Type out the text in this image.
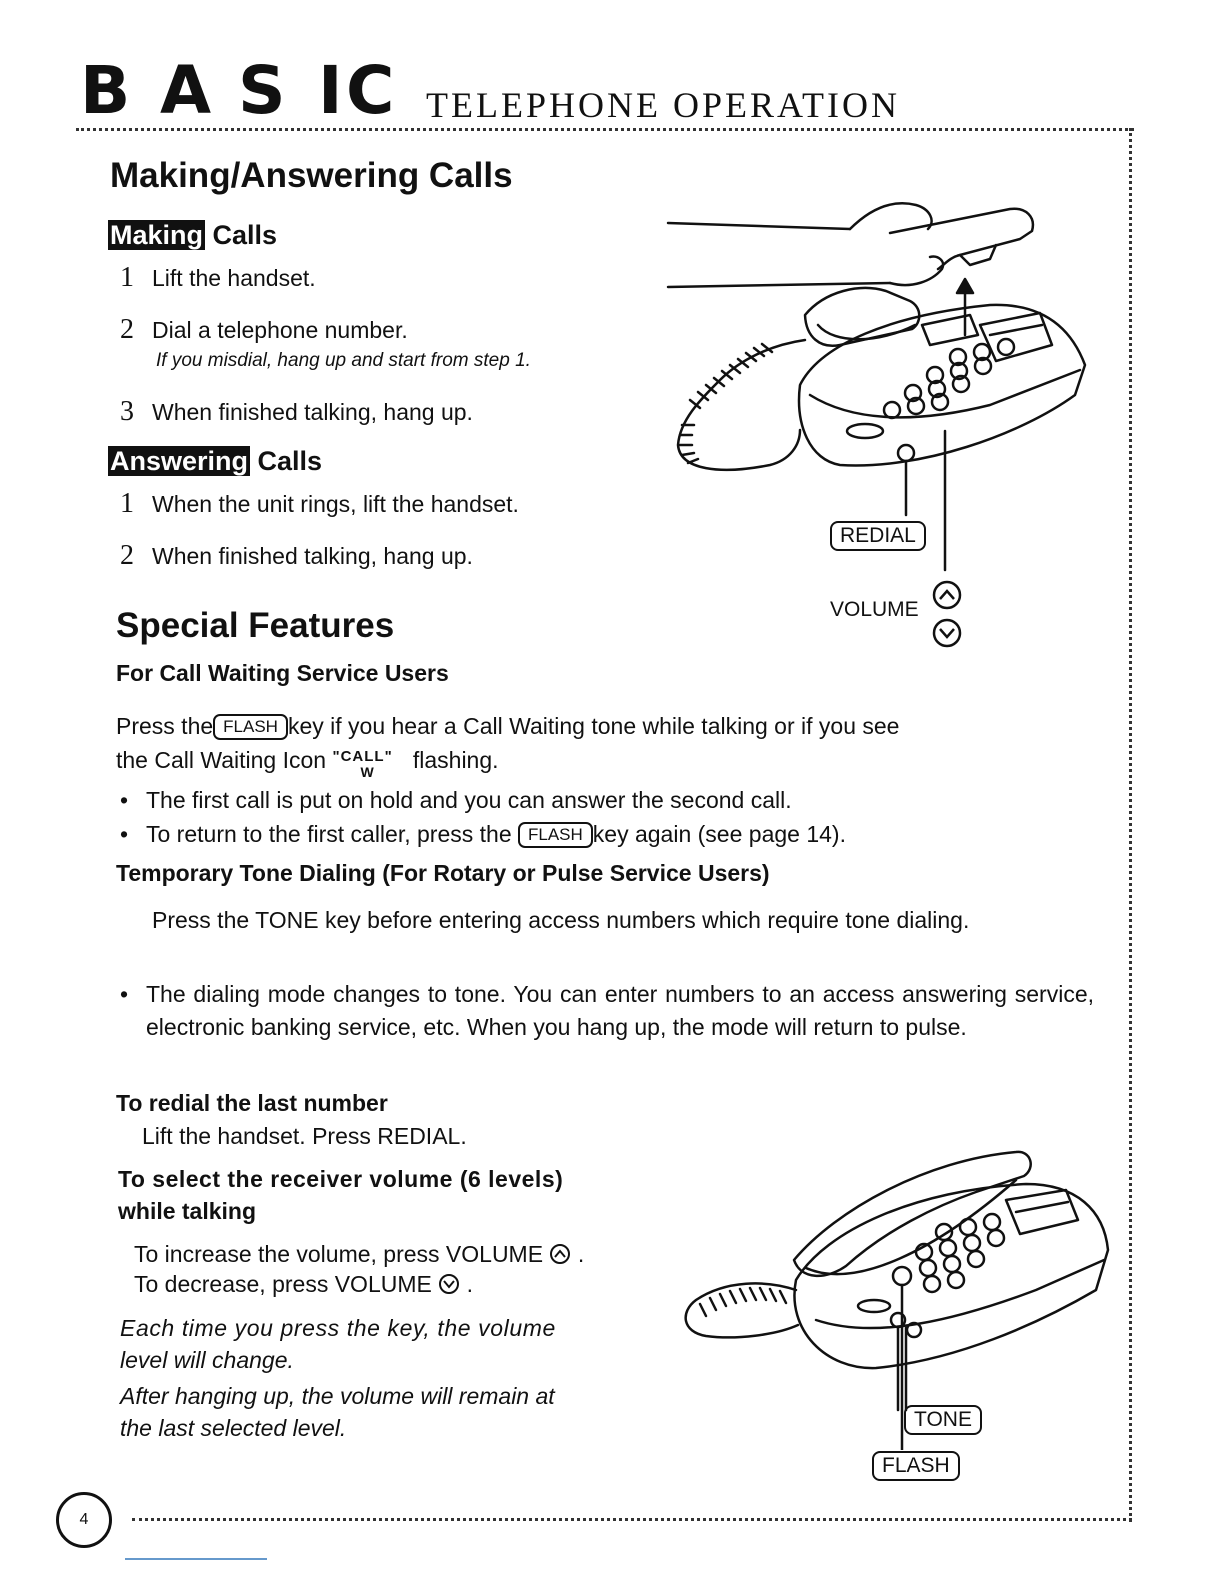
B A S I C TELEPHONE OPERATION
Making/Answering Calls
Making Calls
1 Lift the handset.
2 Dial a telephone number.
If you misdial, hang up and start from step 1.
3 When finished talking, hang up.
Answering Calls
1 When the unit rings, lift the handset.
2 When finished talking, hang up.
REDIAL
VOLUME
Special Features
For Call Waiting Service Users
Press the FLASH key if you hear a Call Waiting tone while talking or if you see
the Call Waiting Icon "CALL"
W flashing.
• The first call is put on hold and you can answer the second call.
• To return to the first caller, press the FLASH key again (see page 14).
Temporary Tone Dialing (For Rotary or Pulse Service Users)
Press the TONE key before entering access numbers which require tone dialing.
• The dialing mode changes to tone. You can enter numbers to an access answering service, electronic banking service, etc. When you hang up, the mode will return to pulse.
To redial the last number
Lift the handset. Press REDIAL.
To select the receiver volume (6 levels)
while talking
To increase the volume, press VOLUME  .
To decrease, press VOLUME  .
Each time you press the key, the volume
level will change.
After hanging up, the volume will remain at
the last selected level.	TONE
FLASH
4
